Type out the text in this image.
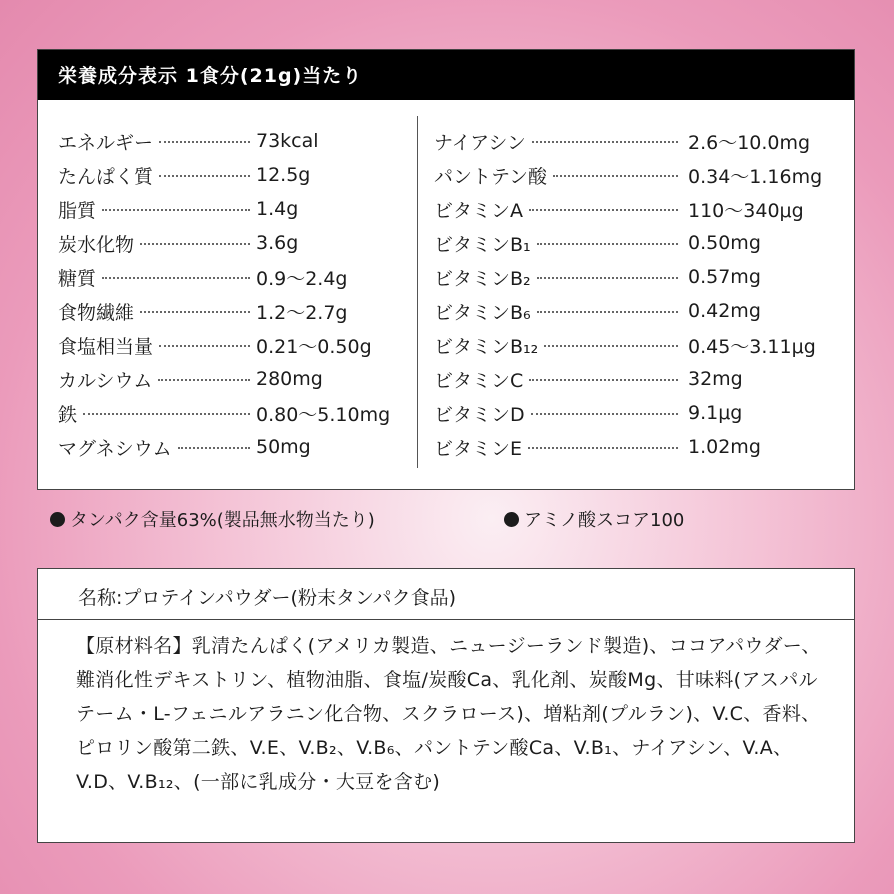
栄養成分表示 1食分(21g)当たり
エネルギー	73kcal
たんぱく質	12.5g
脂質	1.4g
炭水化物	3.6g
糖質	0.9〜2.4g
食物繊維	1.2〜2.7g
食塩相当量	0.21〜0.50g
カルシウム	280mg
鉄	0.80〜5.10mg
マグネシウム	50mg
ナイアシン	2.6〜10.0mg
パントテン酸	0.34〜1.16mg
ビタミンA	110〜340μg
ビタミンB₁	0.50mg
ビタミンB₂	0.57mg
ビタミンB₆	0.42mg
ビタミンB₁₂	0.45〜3.11μg
ビタミンC	32mg
ビタミンD	9.1μg
ビタミンE	1.02mg
タンパク含量63%(製品無水物当たり)	アミノ酸スコア100
名称:プロテインパウダー(粉末タンパク食品)
【原材料名】乳清たんぱく(アメリカ製造、ニュージーランド製造)、ココアパウダー、難消化性デキストリン、植物油脂、食塩/炭酸Ca、乳化剤、炭酸Mg、甘味料(アスパルテーム・L-フェニルアラニン化合物、スクラロース)、増粘剤(プルラン)、V.C、香料、ピロリン酸第二鉄、V.E、V.B₂、V.B₆、パントテン酸Ca、V.B₁、ナイアシン、V.A、V.D、V.B₁₂、(一部に乳成分・大豆を含む)
